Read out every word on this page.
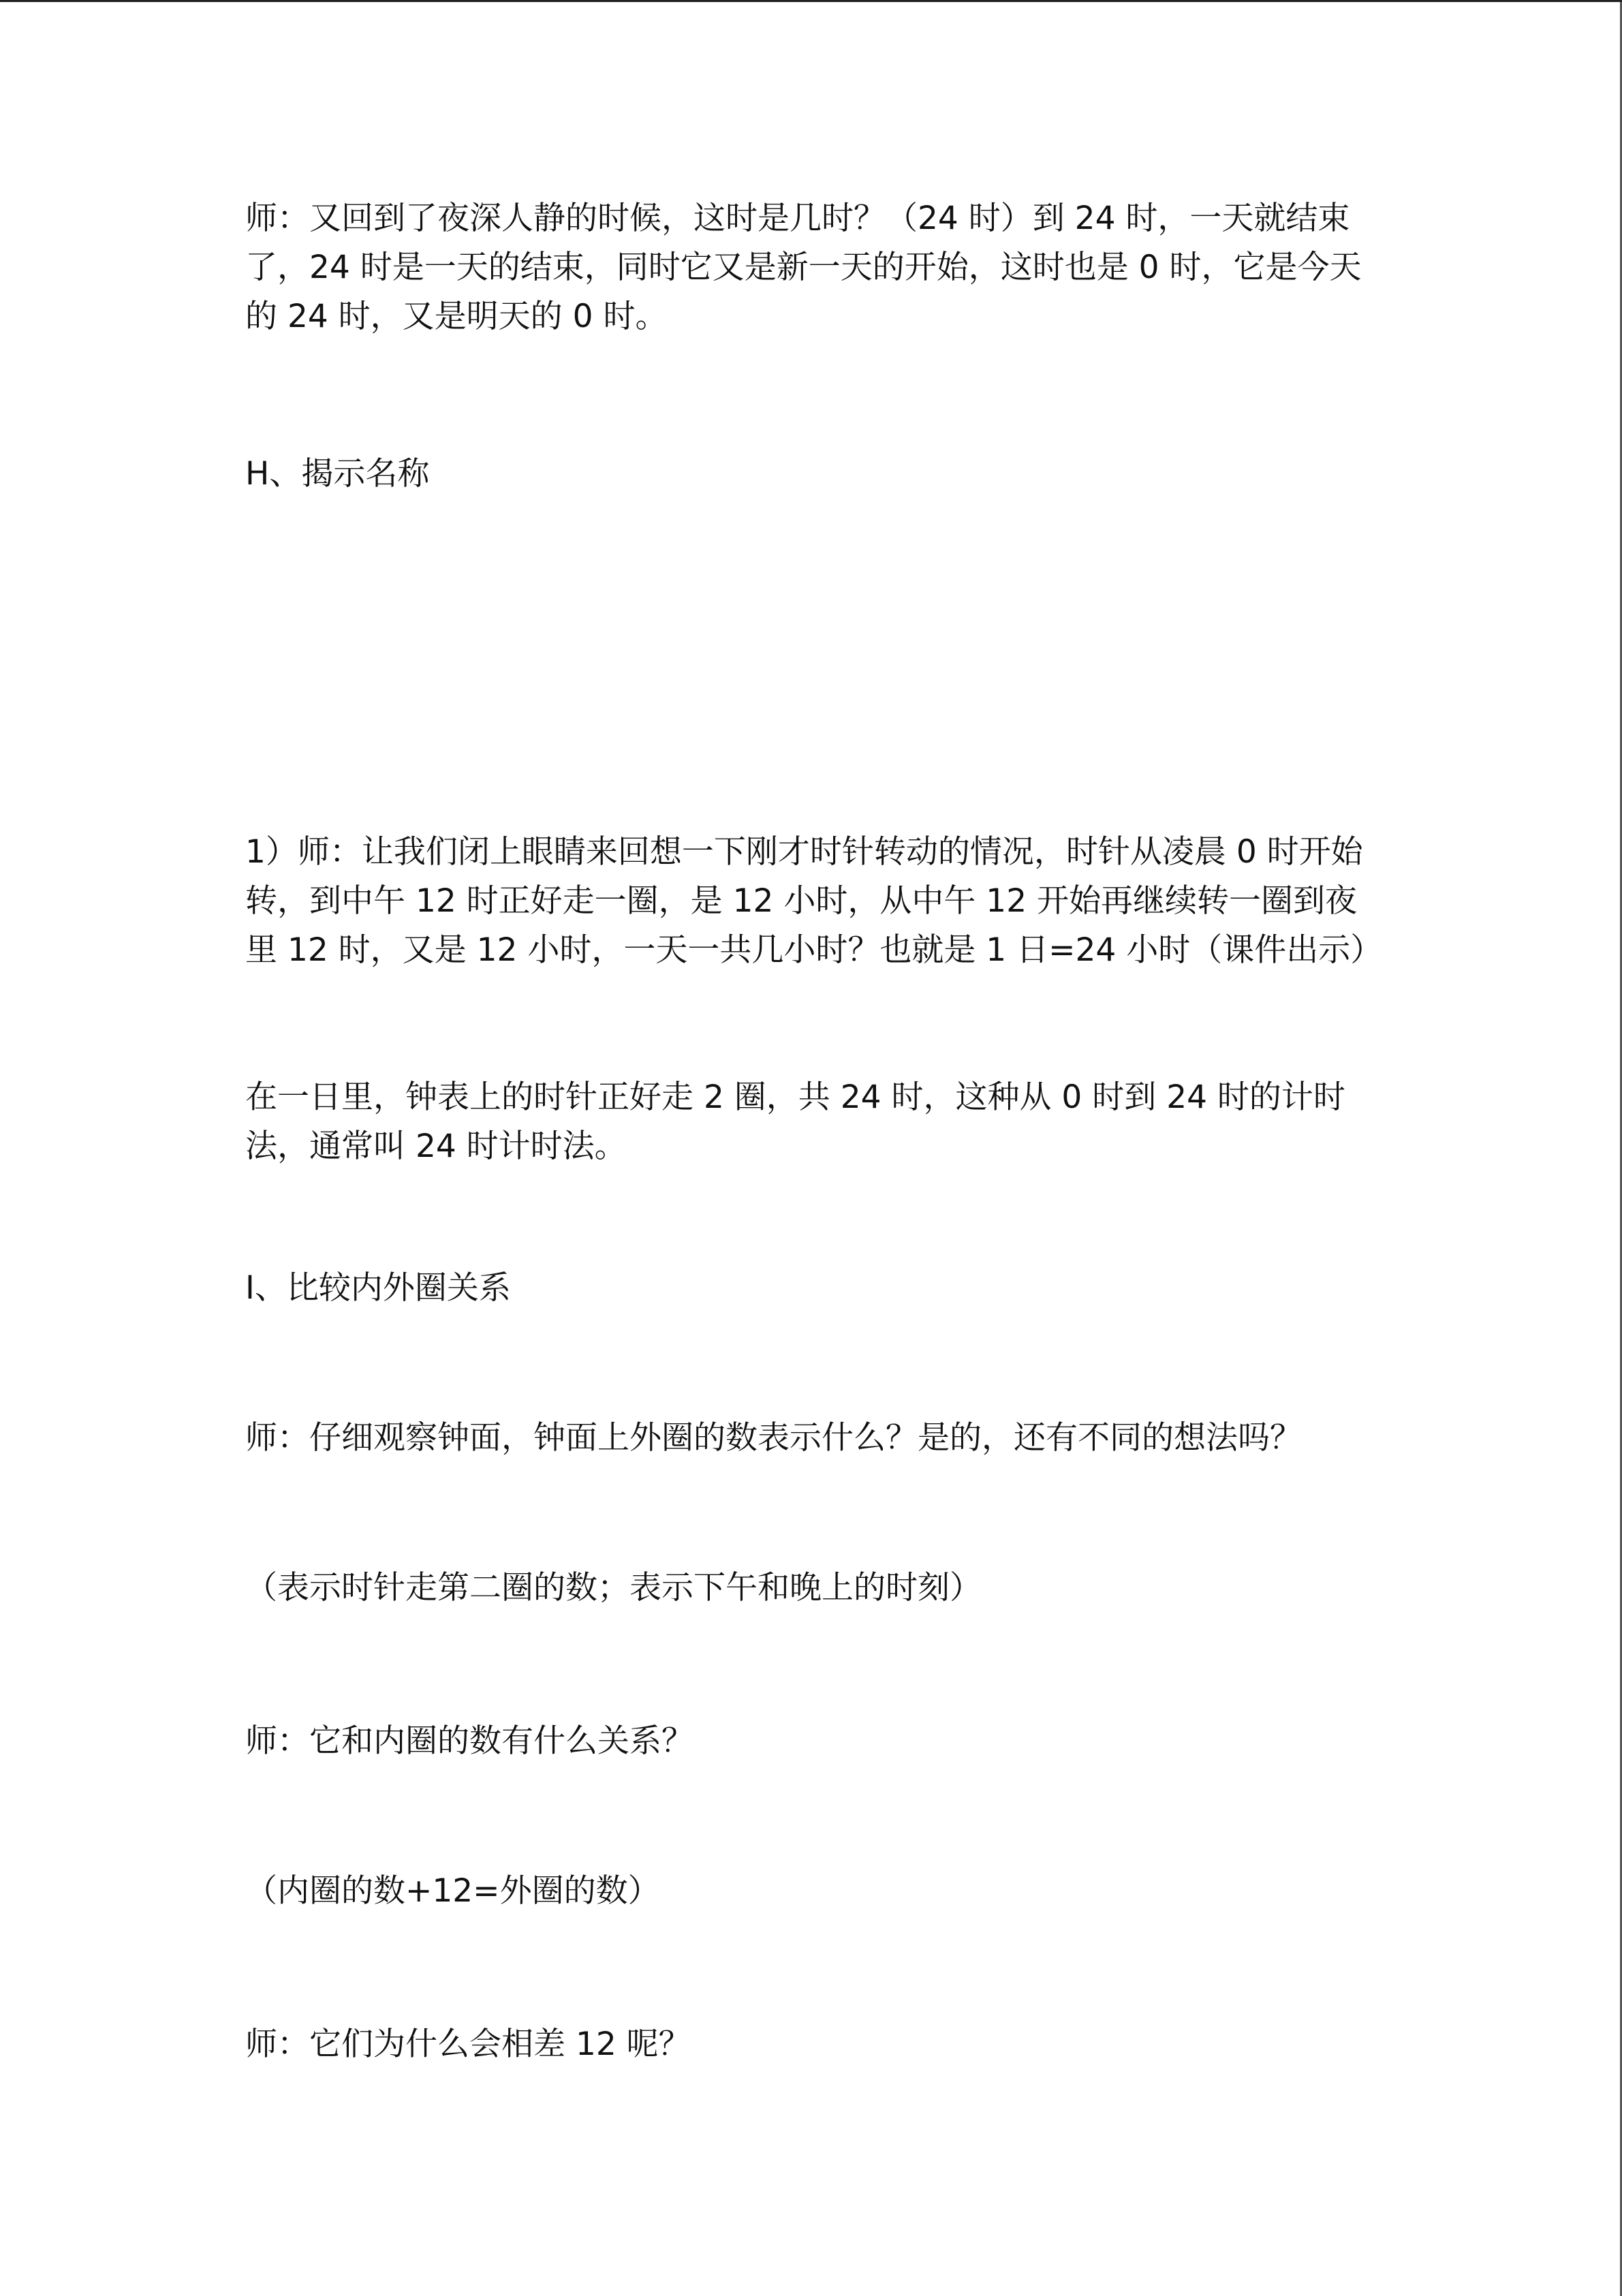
师：又回到了夜深人静的时候，这时是几时？（24 时）到 24 时，一天就结束了，24 时是一天的结束，同时它又是新一天的开始，这时也是 0 时，它是今天的 24 时，又是明天的 0 时。

H、揭示名称

1）师：让我们闭上眼睛来回想一下刚才时针转动的情况，时针从凌晨 0 时开始转，到中午 12 时正好走一圈，是 12 小时，从中午 12 开始再继续转一圈到夜里 12 时，又是 12 小时，一天一共几小时？也就是 1 日=24 小时（课件出示）

在一日里，钟表上的时针正好走 2 圈，共 24 时，这种从 0 时到 24 时的计时法，通常叫 24 时计时法。

I、比较内外圈关系

师：仔细观察钟面，钟面上外圈的数表示什么？是的，还有不同的想法吗？

（表示时针走第二圈的数；表示下午和晚上的时刻）

师：它和内圈的数有什么关系？

（内圈的数+12=外圈的数）

师：它们为什么会相差 12 呢？
